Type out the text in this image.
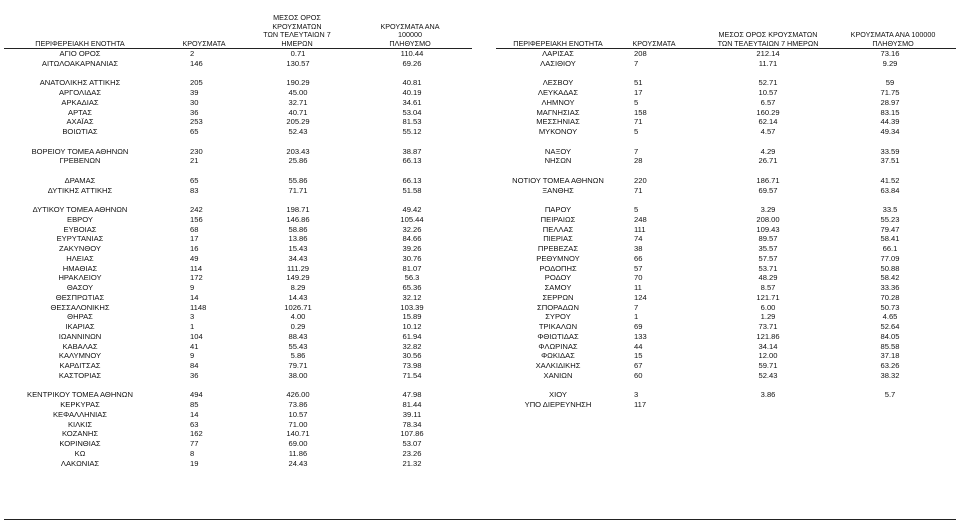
ΠΕΡΙΦΕΡΕΙΑΚΗ ΕΝΟΤΗΤΑ	ΚΡΟΥΣΜΑΤΑ
ΜΕΣΟΣ ΟΡΟΣ ΚΡΟΥΣΜΑΤΩΝ
ΤΩΝ ΤΕΛΕΥΤΑΙΩΝ 7 ΗΜΕΡΩΝ
ΚΡΟΥΣΜΑΤΑ ΑΝΑ 100000
ΠΛΗΘΥΣΜΟ
ΑΓΙΟ ΟΡΟΣ	2	0.71	110.44
ΑΙΤΩΛΟΑΚΑΡΝΑΝΙΑΣ	146	130.57	69.26
ΑΝΑΤΟΛΙΚΗΣ ΑΤΤΙΚΗΣ	205	190.29	40.81
ΑΡΓΟΛΙΔΑΣ	39	45.00	40.19
ΑΡΚΑΔΙΑΣ	30	32.71	34.61
ΑΡΤΑΣ	36	40.71	53.04
ΑΧΑΪΑΣ	253	205.29	81.53
ΒΟΙΩΤΙΑΣ	65	52.43	55.12
ΒΟΡΕΙΟΥ ΤΟΜΕΑ ΑΘΗΝΩΝ	230	203.43	38.87
ΓΡΕΒΕΝΩΝ	21	25.86	66.13
ΔΡΑΜΑΣ	65	55.86	66.13
ΔΥΤΙΚΗΣ ΑΤΤΙΚΗΣ	83	71.71	51.58
ΔΥΤΙΚΟΥ ΤΟΜΕΑ ΑΘΗΝΩΝ	242	198.71	49.42
ΕΒΡΟΥ	156	146.86	105.44
ΕΥΒΟΙΑΣ	68	58.86	32.26
ΕΥΡΥΤΑΝΙΑΣ	17	13.86	84.66
ΖΑΚΥΝΘΟΥ	16	15.43	39.26
ΗΛΕΙΑΣ	49	34.43	30.76
ΗΜΑΘΙΑΣ	114	111.29	81.07
ΗΡΑΚΛΕΙΟΥ	172	149.29	56.3
ΘΑΣΟΥ	9	8.29	65.36
ΘΕΣΠΡΩΤΙΑΣ	14	14.43	32.12
ΘΕΣΣΑΛΟΝΙΚΗΣ	1148	1026.71	103.39
ΘΗΡΑΣ	3	4.00	15.89
ΙΚΑΡΙΑΣ	1	0.29	10.12
ΙΩΑΝΝΙΝΩΝ	104	88.43	61.94
ΚΑΒΑΛΑΣ	41	55.43	32.82
ΚΑΛΥΜΝΟΥ	9	5.86	30.56
ΚΑΡΔΙΤΣΑΣ	84	79.71	73.98
ΚΑΣΤΟΡΙΑΣ	36	38.00	71.54
ΚΕΝΤΡΙΚΟΥ ΤΟΜΕΑ ΑΘΗΝΩΝ	494	426.00	47.98
ΚΕΡΚΥΡΑΣ	85	73.86	81.44
ΚΕΦΑΛΛΗΝΙΑΣ	14	10.57	39.11
ΚΙΛΚΙΣ	63	71.00	78.34
ΚΟΖΑΝΗΣ	162	140.71	107.86
ΚΟΡΙΝΘΙΑΣ	77	69.00	53.07
ΚΩ	8	11.86	23.26
ΛΑΚΩΝΙΑΣ	19	24.43	21.32
ΠΕΡΙΦΕΡΕΙΑΚΗ ΕΝΟΤΗΤΑ	ΚΡΟΥΣΜΑΤΑ
ΜΕΣΟΣ ΟΡΟΣ ΚΡΟΥΣΜΑΤΩΝ
ΤΩΝ ΤΕΛΕΥΤΑΙΩΝ 7 ΗΜΕΡΩΝ
ΚΡΟΥΣΜΑΤΑ ΑΝΑ 100000
ΠΛΗΘΥΣΜΟ
ΛΑΡΙΣΑΣ	208	212.14	73.16
ΛΑΣΙΘΙΟΥ	7	11.71	9.29
ΛΕΣΒΟΥ	51	52.71	59
ΛΕΥΚΑΔΑΣ	17	10.57	71.75
ΛΗΜΝΟΥ	5	6.57	28.97
ΜΑΓΝΗΣΙΑΣ	158	160.29	83.15
ΜΕΣΣΗΝΙΑΣ	71	62.14	44.39
ΜΥΚΟΝΟΥ	5	4.57	49.34
ΝΑΞΟΥ	7	4.29	33.59
ΝΗΣΩΝ	28	26.71	37.51
ΝΟΤΙΟΥ ΤΟΜΕΑ ΑΘΗΝΩΝ	220	186.71	41.52
ΞΑΝΘΗΣ	71	69.57	63.84
ΠΑΡΟΥ	5	3.29	33.5
ΠΕΙΡΑΙΩΣ	248	208.00	55.23
ΠΕΛΛΑΣ	111	109.43	79.47
ΠΙΕΡΙΑΣ	74	89.57	58.41
ΠΡΕΒΕΖΑΣ	38	35.57	66.1
ΡΕΘΥΜΝΟΥ	66	57.57	77.09
ΡΟΔΟΠΗΣ	57	53.71	50.88
ΡΟΔΟΥ	70	48.29	58.42
ΣΑΜΟΥ	11	8.57	33.36
ΣΕΡΡΩΝ	124	121.71	70.28
ΣΠΟΡΑΔΩΝ	7	6.00	50.73
ΣΥΡΟΥ	1	1.29	4.65
ΤΡΙΚΑΛΩΝ	69	73.71	52.64
ΦΘΙΩΤΙΔΑΣ	133	121.86	84.05
ΦΛΩΡΙΝΑΣ	44	34.14	85.58
ΦΩΚΙΔΑΣ	15	12.00	37.18
ΧΑΛΚΙΔΙΚΗΣ	67	59.71	63.26
ΧΑΝΙΩΝ	60	52.43	38.32
ΧΙΟΥ	3	3.86	5.7
ΥΠΟ ΔΙΕΡΕΥΝΗΣΗ	117
